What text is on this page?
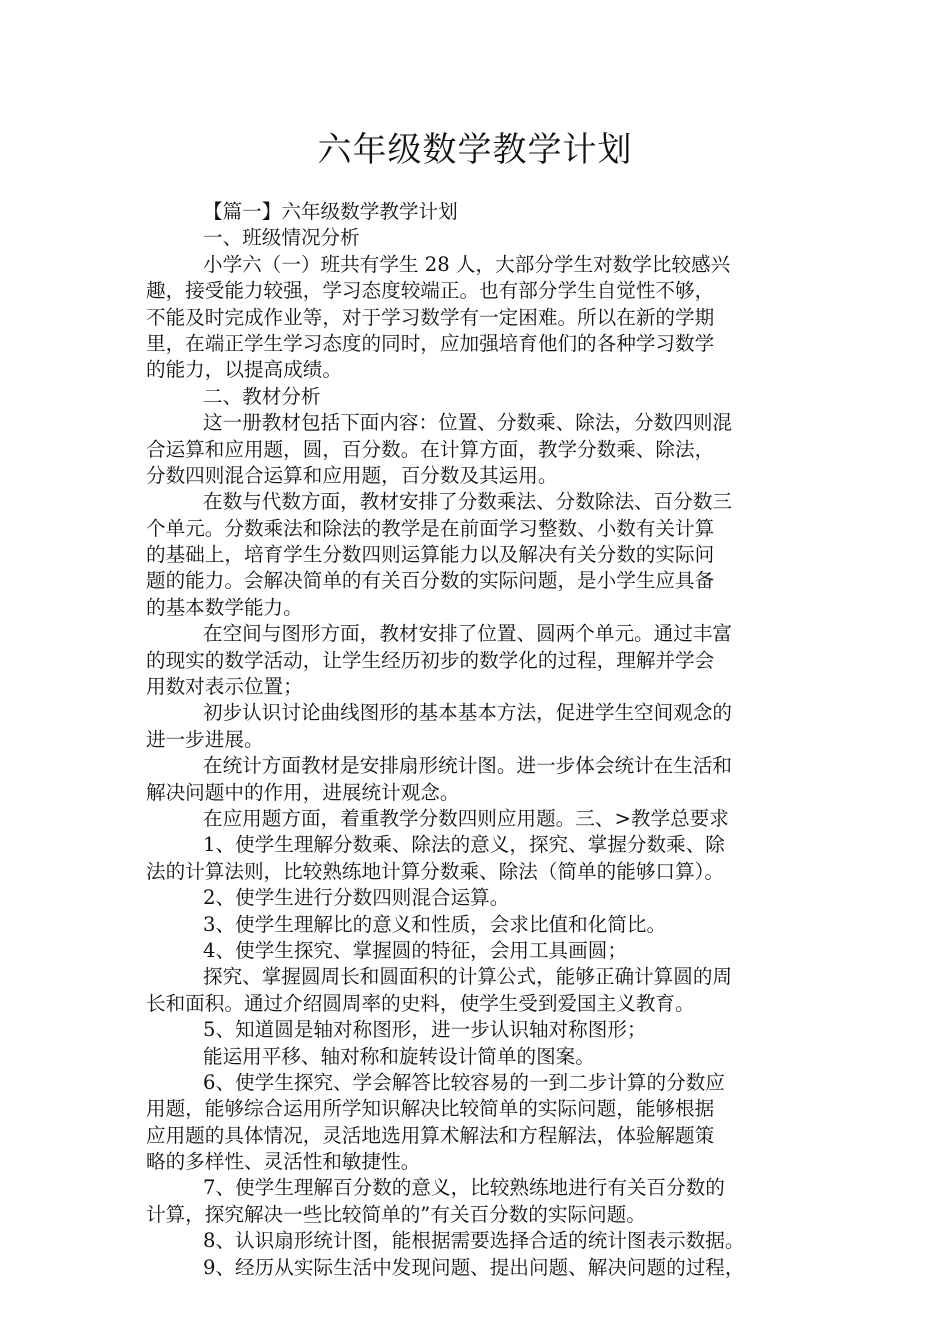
六年级数学教学计划
【篇一】六年级数学教学计划
一、班级情况分析
小学六（一）班共有学生 28 人，大部分学生对数学比较感兴
趣，接受能力较强，学习态度较端正。也有部分学生自觉性不够，
不能及时完成作业等，对于学习数学有一定困难。所以在新的学期
里，在端正学生学习态度的同时，应加强培育他们的各种学习数学
的能力，以提高成绩。
二、教材分析
这一册教材包括下面内容：位置、分数乘、除法，分数四则混
合运算和应用题，圆，百分数。在计算方面，教学分数乘、除法，
分数四则混合运算和应用题，百分数及其运用。
在数与代数方面，教材安排了分数乘法、分数除法、百分数三
个单元。分数乘法和除法的教学是在前面学习整数、小数有关计算
的基础上，培育学生分数四则运算能力以及解决有关分数的实际问
题的能力。会解决简单的有关百分数的实际问题，是小学生应具备
的基本数学能力。
在空间与图形方面，教材安排了位置、圆两个单元。通过丰富
的现实的数学活动，让学生经历初步的数学化的过程，理解并学会
用数对表示位置；
初步认识讨论曲线图形的基本基本方法，促进学生空间观念的
进一步进展。
在统计方面教材是安排扇形统计图。进一步体会统计在生活和
解决问题中的作用，进展统计观念。
在应用题方面，着重教学分数四则应用题。三、>教学总要求
1、使学生理解分数乘、除法的意义，探究、掌握分数乘、除
法的计算法则，比较熟练地计算分数乘、除法（简单的能够口算）。
2、使学生进行分数四则混合运算。
3、使学生理解比的意义和性质，会求比值和化简比。
4、使学生探究、掌握圆的特征，会用工具画圆；
探究、掌握圆周长和圆面积的计算公式，能够正确计算圆的周
长和面积。通过介绍圆周率的史料，使学生受到爱国主义教育。
5、知道圆是轴对称图形，进一步认识轴对称图形；
能运用平移、轴对称和旋转设计简单的图案。
6、使学生探究、学会解答比较容易的一到二步计算的分数应
用题，能够综合运用所学知识解决比较简单的实际问题，能够根据
应用题的具体情况，灵活地选用算术解法和方程解法，体验解题策
略的多样性、灵活性和敏捷性。
7、使学生理解百分数的意义，比较熟练地进行有关百分数的
计算，探究解决一些比较简单的”有关百分数的实际问题。
8、认识扇形统计图，能根据需要选择合适的统计图表示数据。
9、经历从实际生活中发现问题、提出问题、解决问题的过程，
